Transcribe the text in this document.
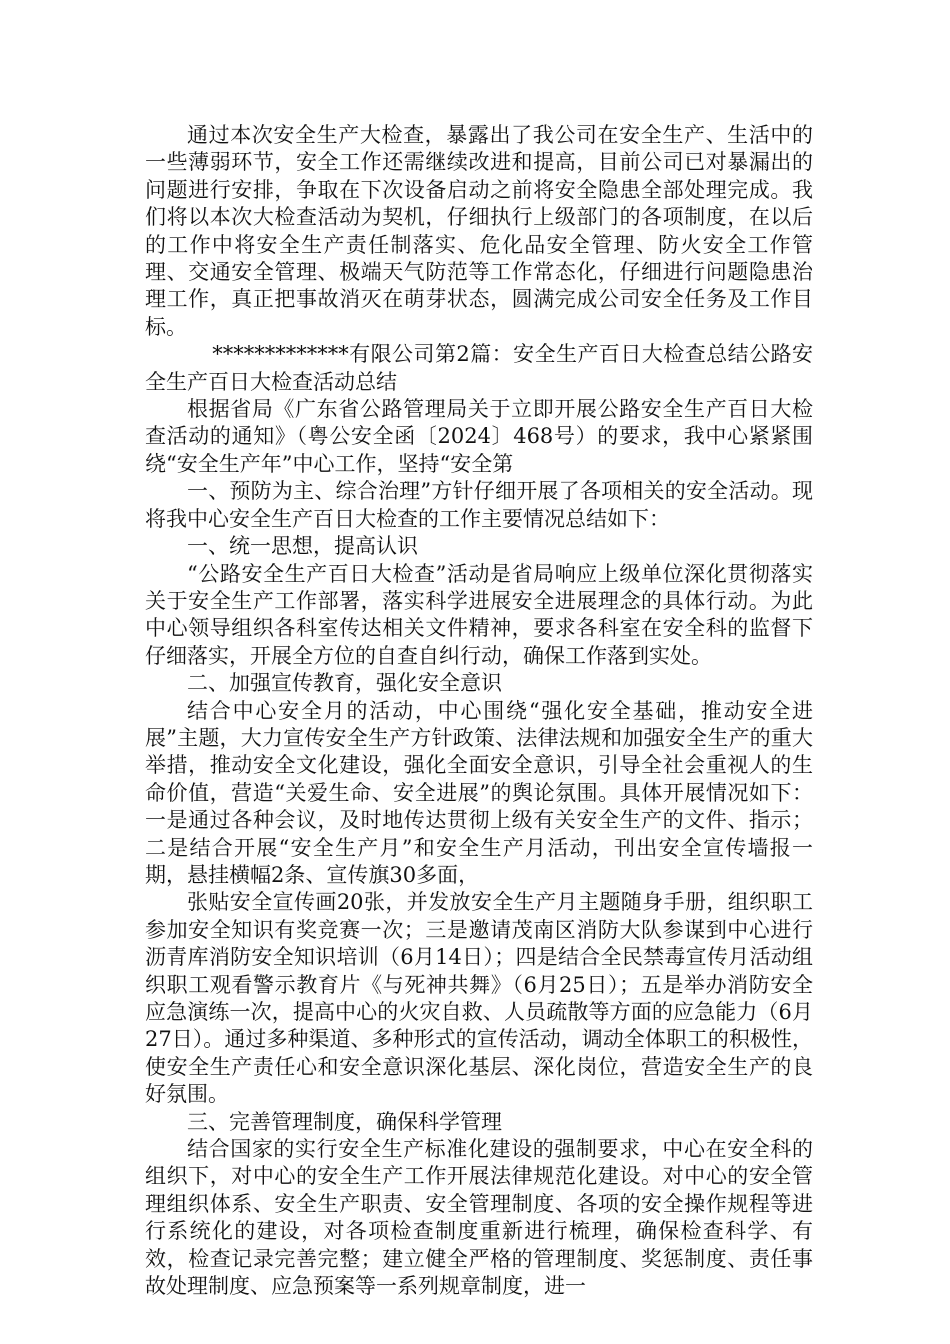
通过本次安全生产大检查，暴露出了我公司在安全生产、生活中的一些薄弱环节，安全工作还需继续改进和提高，目前公司已对暴漏出的问题进行安排，争取在下次设备启动之前将安全隐患全部处理完成。我们将以本次大检查活动为契机，仔细执行上级部门的各项制度，在以后的工作中将安全生产责任制落实、危化品安全管理、防火安全工作管理、交通安全管理、极端天气防范等工作常态化，仔细进行问题隐患治理工作，真正把事故消灭在萌芽状态，圆满完成公司安全任务及工作目标。

*************有限公司第2篇：安全生产百日大检查总结公路安全生产百日大检查活动总结

根据省局《广东省公路管理局关于立即开展公路安全生产百日大检查活动的通知》（粤公安全函〔2024〕468号）的要求，我中心紧紧围绕“安全生产年”中心工作，坚持“安全第

一、预防为主、综合治理”方针仔细开展了各项相关的安全活动。现将我中心安全生产百日大检查的工作主要情况总结如下：

一、统一思想，提高认识

“公路安全生产百日大检查”活动是省局响应上级单位深化贯彻落实关于安全生产工作部署，落实科学进展安全进展理念的具体行动。为此中心领导组织各科室传达相关文件精神，要求各科室在安全科的监督下仔细落实，开展全方位的自查自纠行动，确保工作落到实处。

二、加强宣传教育，强化安全意识

结合中心安全月的活动，中心围绕“强化安全基础，推动安全进展”主题，大力宣传安全生产方针政策、法律法规和加强安全生产的重大举措，推动安全文化建设，强化全面安全意识，引导全社会重视人的生命价值，营造“关爱生命、安全进展”的舆论氛围。具体开展情况如下：一是通过各种会议，及时地传达贯彻上级有关安全生产的文件、指示；二是结合开展“安全生产月”和安全生产月活动，刊出安全宣传墙报一期，悬挂横幅2条、宣传旗30多面，

张贴安全宣传画20张，并发放安全生产月主题随身手册，组织职工参加安全知识有奖竞赛一次；三是邀请茂南区消防大队参谋到中心进行沥青库消防安全知识培训（6月14日）；四是结合全民禁毒宣传月活动组织职工观看警示教育片《与死神共舞》（6月25日）；五是举办消防安全应急演练一次，提高中心的火灾自救、人员疏散等方面的应急能力（6月27日）。通过多种渠道、多种形式的宣传活动，调动全体职工的积极性，使安全生产责任心和安全意识深化基层、深化岗位，营造安全生产的良好氛围。

三、完善管理制度，确保科学管理

结合国家的实行安全生产标准化建设的强制要求，中心在安全科的组织下，对中心的安全生产工作开展法律规范化建设。对中心的安全管理组织体系、安全生产职责、安全管理制度、各项的安全操作规程等进行系统化的建设，对各项检查制度重新进行梳理，确保检查科学、有效，检查记录完善完整；建立健全严格的管理制度、奖惩制度、责任事故处理制度、应急预案等一系列规章制度，进一
